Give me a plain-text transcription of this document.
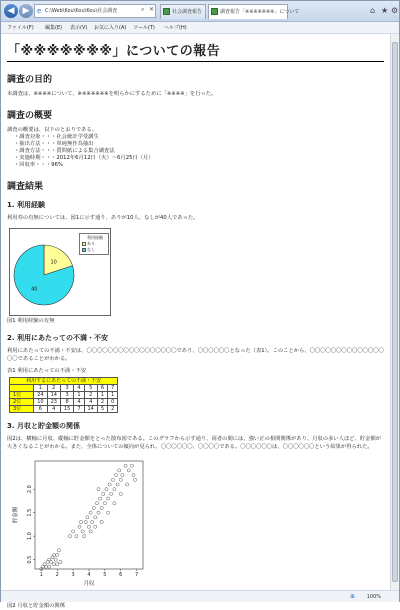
◀ ▶	e C:\Web\Kou\Kou\Kou\社会調査	⌕ ✕	社会調査報告	調査報告「※※※※※※※」について	⌂ ★ ⚙
ファイル(F) 編集(E) 表示(V) お気に入り(A) ツール(T) ヘルプ(H)
「※※※※※※※」についての報告
調査の目的

本調査は、※※※※について、※※※※※※※を明らかにするために「※※※※」を行った。

調査の概要

調査の概要は、以下のとおりである。

・調査対象・・・社会統計学受講生
・抽出方法・・・単純無作為抽出
・調査方法・・・質問紙による集合調査法
・実施時期・・・2012年6月12日（火）〜6月25日（月）
・回収率・・・96%
調査結果
1. 利用経験

利用券の有無については、図1に示す通り、ありが10人、なしが40人であった。

10
40
利用経験
あり
なし
図1 利用経験の有無
2. 利用にあたっての不満・不安

利用にあたっての不満・不安は、〇〇〇〇〇〇〇〇〇〇〇〇〇〇〇〇〇であり、〇〇〇〇〇〇となった（表1）。このことから、〇〇〇〇〇〇〇〇〇〇〇〇〇〇〇〇であることがわかる。

表1 利用にあたっての不満・不安
利用するにあたっての不満・不安							
	1	2	3	4	5	6	7
1位	24	14	3	1	2	1	1
2位	10	23	8	4	4	2	0
3位	6	4	15	7	14	5	2
3. 月収と貯金額の関係

図2は、横軸に月収、縦軸に貯金額をとった散布図である。このグラフから示す通り、両者の間には、強い正の相関関係があり、月収の多い人ほど、貯金額が大きくなることがわかる。また、全体についての傾向が見られ、〇〇〇〇〇〇、〇〇〇〇である。〇〇〇〇〇〇は、〇〇〇〇〇〇という結果が得られた。

1	2	3	4	5	6	7
0.5
1.0
1.5
2.0
月収
貯金額
図2 月収と貯金額の関係
⊕ 100%
